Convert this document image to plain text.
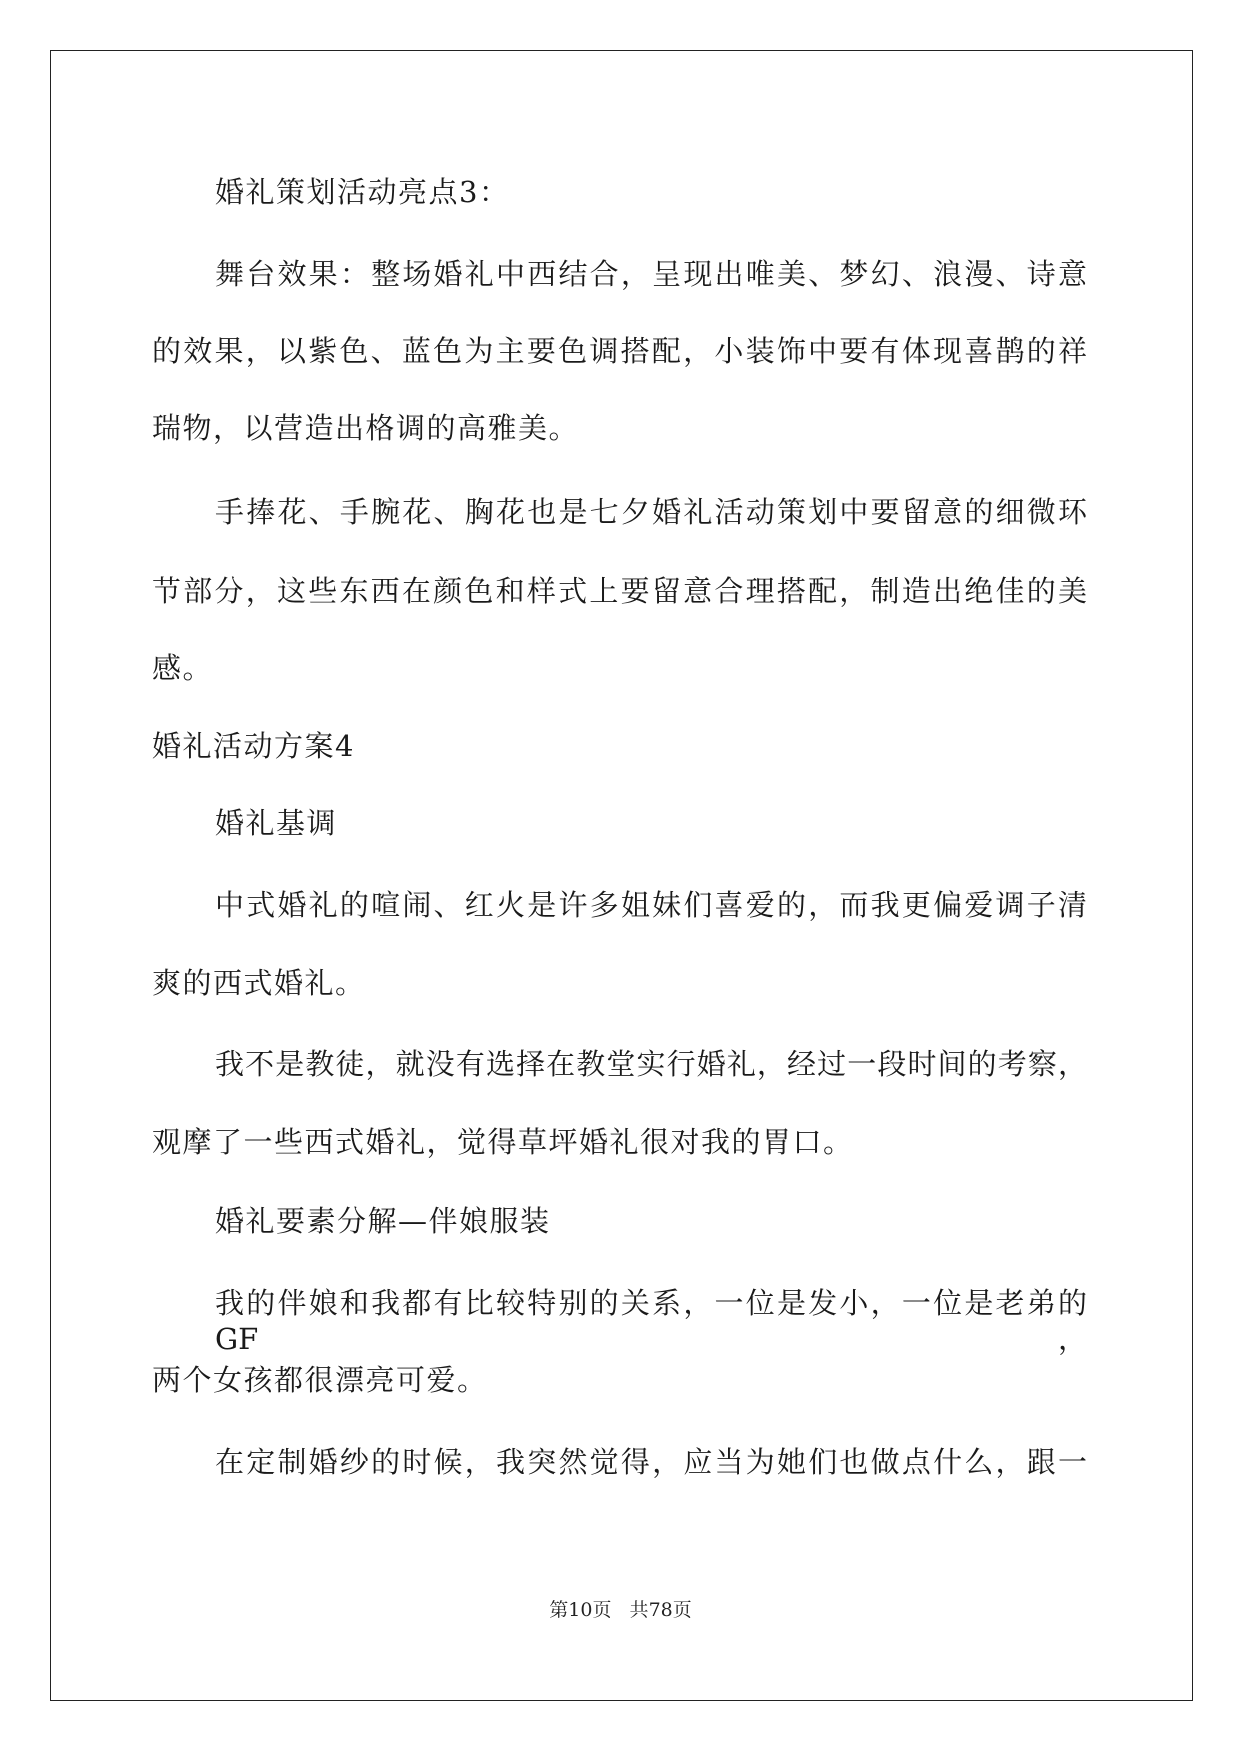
婚礼策划活动亮点3：
舞台效果：整场婚礼中西结合，呈现出唯美、梦幻、浪漫、诗意
的效果，以紫色、蓝色为主要色调搭配，小装饰中要有体现喜鹊的祥
瑞物，以营造出格调的高雅美。
手捧花、手腕花、胸花也是七夕婚礼活动策划中要留意的细微环
节部分，这些东西在颜色和样式上要留意合理搭配，制造出绝佳的美
感。
婚礼活动方案4
婚礼基调
中式婚礼的喧闹、红火是许多姐妹们喜爱的，而我更偏爱调子清
爽的西式婚礼。
我不是教徒，就没有选择在教堂实行婚礼，经过一段时间的考察，
观摩了一些西式婚礼，觉得草坪婚礼很对我的胃口。
婚礼要素分解—伴娘服装
我的伴娘和我都有比较特别的关系，一位是发小，一位是老弟的GF，
两个女孩都很漂亮可爱。
在定制婚纱的时候，我突然觉得，应当为她们也做点什么，跟一
第10页   共78页
